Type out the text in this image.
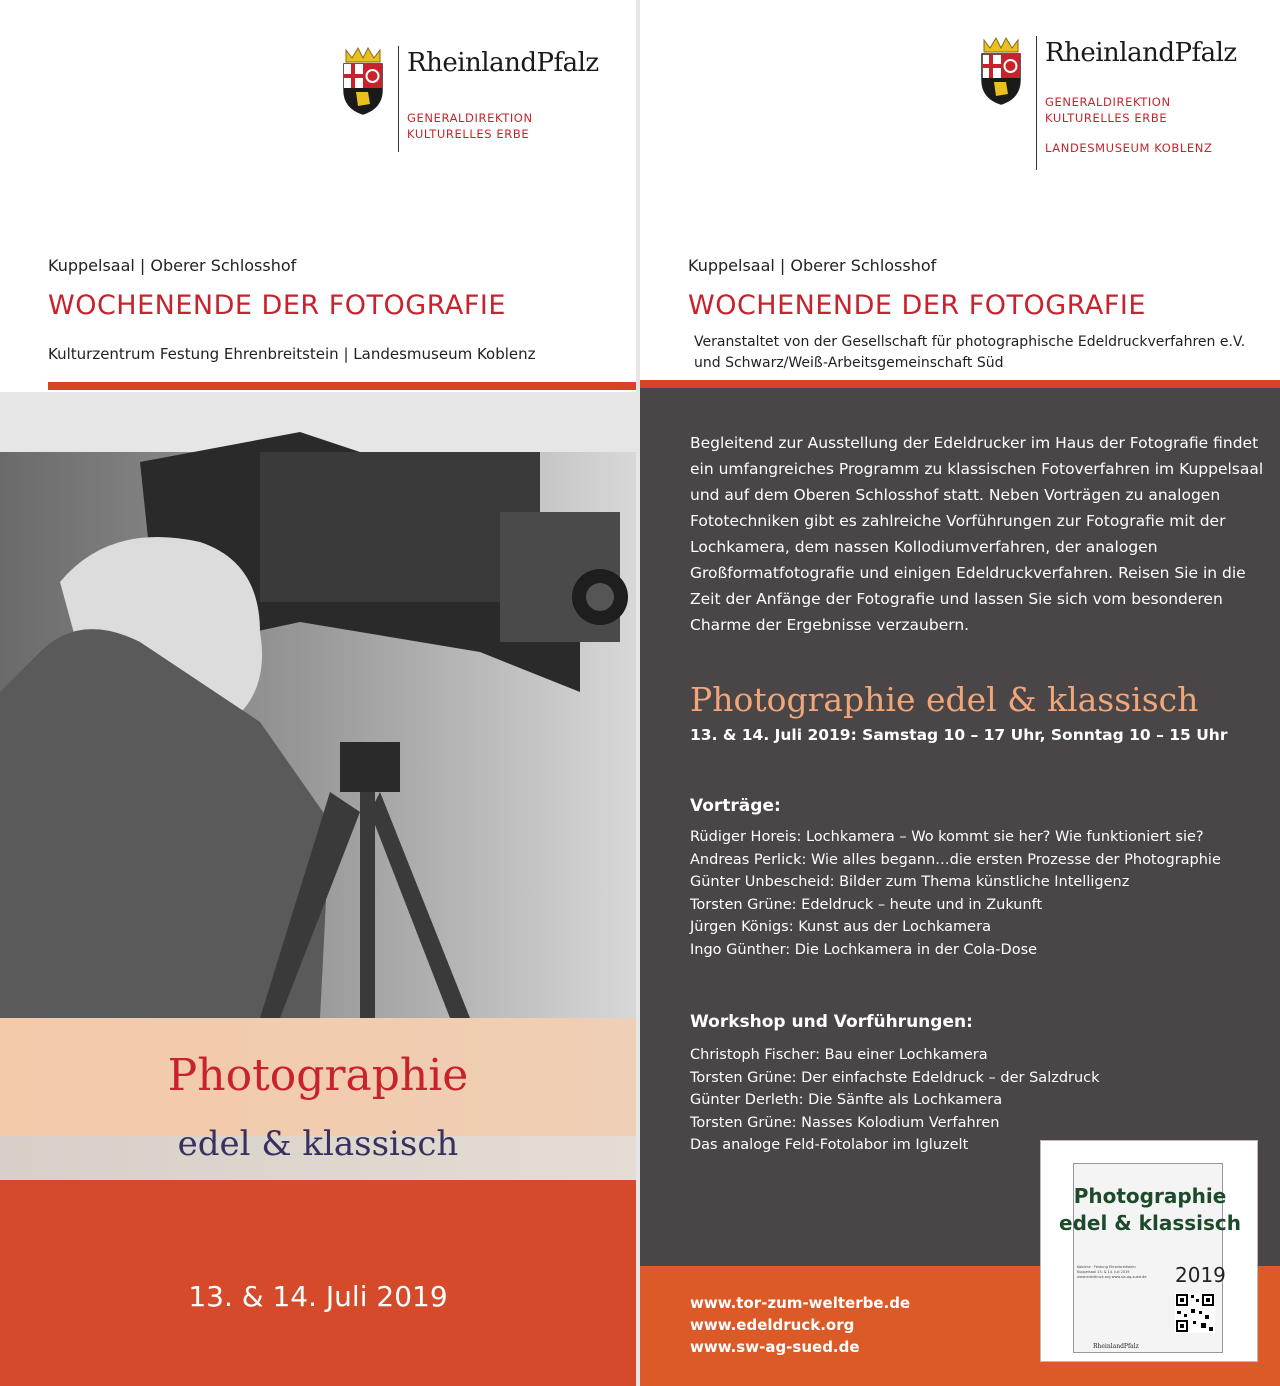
RheinlandPfalz
GENERALDIREKTION
KULTURELLES ERBE
Kuppelsaal | Oberer Schlosshof
WOCHENENDE DER FOTOGRAFIE
Kulturzentrum Festung Ehrenbreitstein | Landesmuseum Koblenz
Photographie
edel & klassisch
13. & 14. Juli 2019
RheinlandPfalz
GENERALDIREKTION
KULTURELLES ERBE
LANDESMUSEUM KOBLENZ
Kuppelsaal | Oberer Schlosshof
WOCHENENDE DER FOTOGRAFIE
Veranstaltet von der Gesellschaft für photographische Edeldruckverfahren e.V.
und Schwarz/Weiß-Arbeitsgemeinschaft Süd

Begleitend zur Ausstellung der Edeldrucker im Haus der Fotografie findet ein umfangreiches Programm zu klassischen Fotoverfahren im Kuppelsaal und auf dem Oberen Schlosshof statt. Neben Vorträgen zu analogen Fototechniken gibt es zahlreiche Vorführungen zur Fotografie mit der Lochkamera, dem nassen Kollodiumverfahren, der analogen Großformatfotografie und einigen Edeldruckverfahren. Reisen Sie in die Zeit der Anfänge der Fotografie und lassen Sie sich vom besonderen Charme der Ergebnisse verzaubern.

Photographie edel & klassisch
13. & 14. Juli 2019: Samstag 10 – 17 Uhr, Sonntag 10 – 15 Uhr
Vorträge:
Rüdiger Horeis: Lochkamera – Wo kommt sie her? Wie funktioniert sie?
Andreas Perlick: Wie alles begann…die ersten Prozesse der Photographie
Günter Unbescheid: Bilder zum Thema künstliche Intelligenz
Torsten Grüne: Edeldruck – heute und in Zukunft
Jürgen Königs: Kunst aus der Lochkamera
Ingo Günther: Die Lochkamera in der Cola-Dose
Workshop und Vorführungen:
Christoph Fischer: Bau einer Lochkamera
Torsten Grüne: Der einfachste Edeldruck – der Salzdruck
Günter Derleth: Die Sänfte als Lochkamera
Torsten Grüne: Nasses Kolodium Verfahren
Das analoge Feld-Fotolabor im Igluzelt
www.tor-zum-welterbe.de
www.edeldruck.org
www.sw-ag-sued.de
Photographie
edel & klassisch
Koblenz · Festung Ehrenbreitstein Kuppelsaal 13. & 14. Juli 2019 www.edeldruck.org www.sw-ag-sued.de 2019
RheinlandPfalz
